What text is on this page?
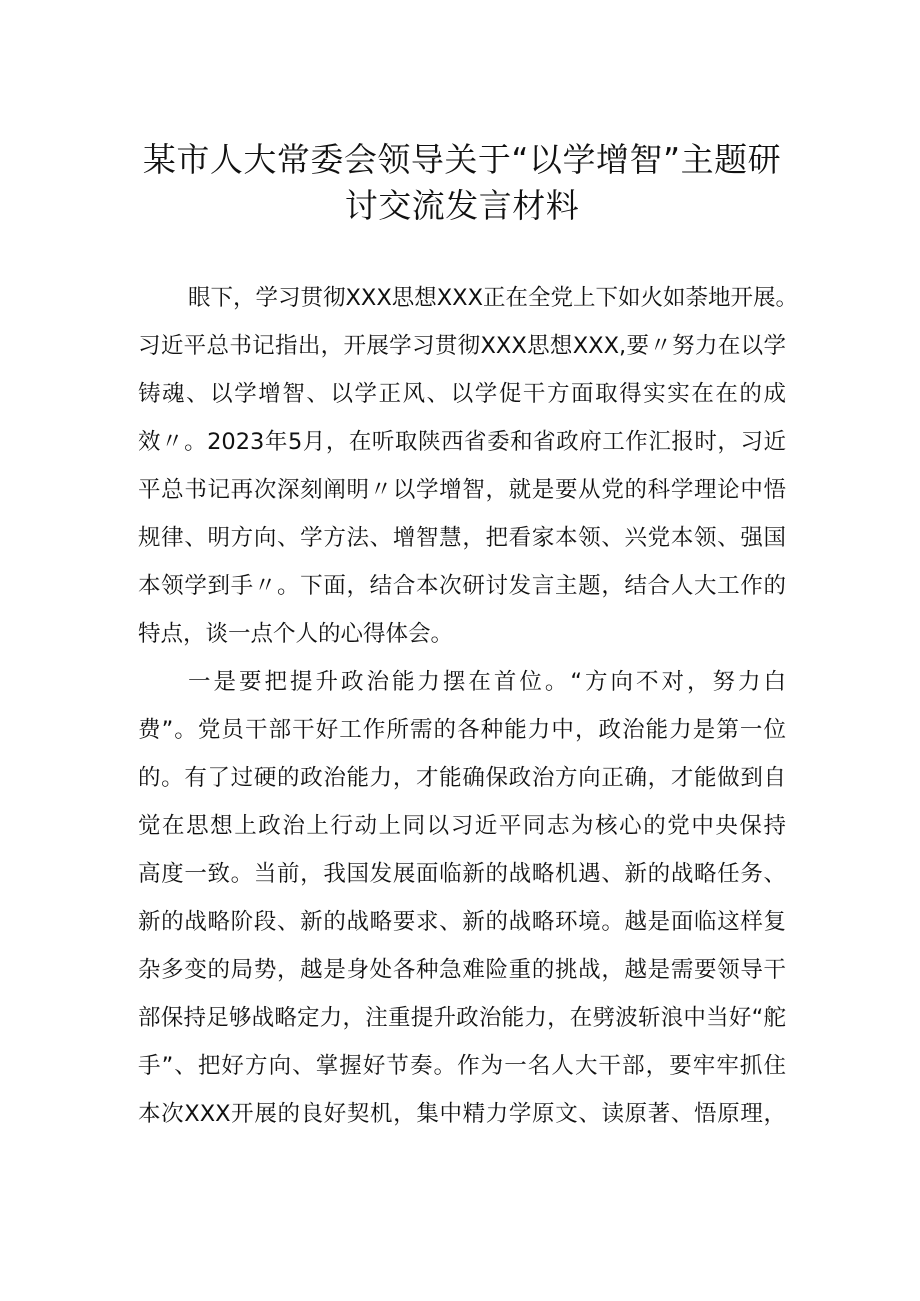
某市人大常委会领导关于“以学增智”主题研
讨交流发言材料

眼下，学习贯彻XXX思想XXX正在全党上下如火如荼地开展。

习近平总书记指出，开展学习贯彻XXX思想XXX,要〃努力在以学

铸魂、以学增智、以学正风、以学促干方面取得实实在在的成

效〃。2023年5月，在听取陕西省委和省政府工作汇报时，习近

平总书记再次深刻阐明〃以学增智，就是要从党的科学理论中悟

规律、明方向、学方法、增智慧，把看家本领、兴党本领、强国

本领学到手〃。下面，结合本次研讨发言主题，结合人大工作的

特点，谈一点个人的心得体会。

一是要把提升政治能力摆在首位。“方向不对，努力白

费”。党员干部干好工作所需的各种能力中，政治能力是第一位

的。有了过硬的政治能力，才能确保政治方向正确，才能做到自

觉在思想上政治上行动上同以习近平同志为核心的党中央保持

高度一致。当前，我国发展面临新的战略机遇、新的战略任务、

新的战略阶段、新的战略要求、新的战略环境。越是面临这样复

杂多变的局势，越是身处各种急难险重的挑战，越是需要领导干

部保持足够战略定力，注重提升政治能力，在劈波斩浪中当好“舵

手”、把好方向、掌握好节奏。作为一名人大干部，要牢牢抓住

本次XXX开展的良好契机，集中精力学原文、读原著、悟原理，
